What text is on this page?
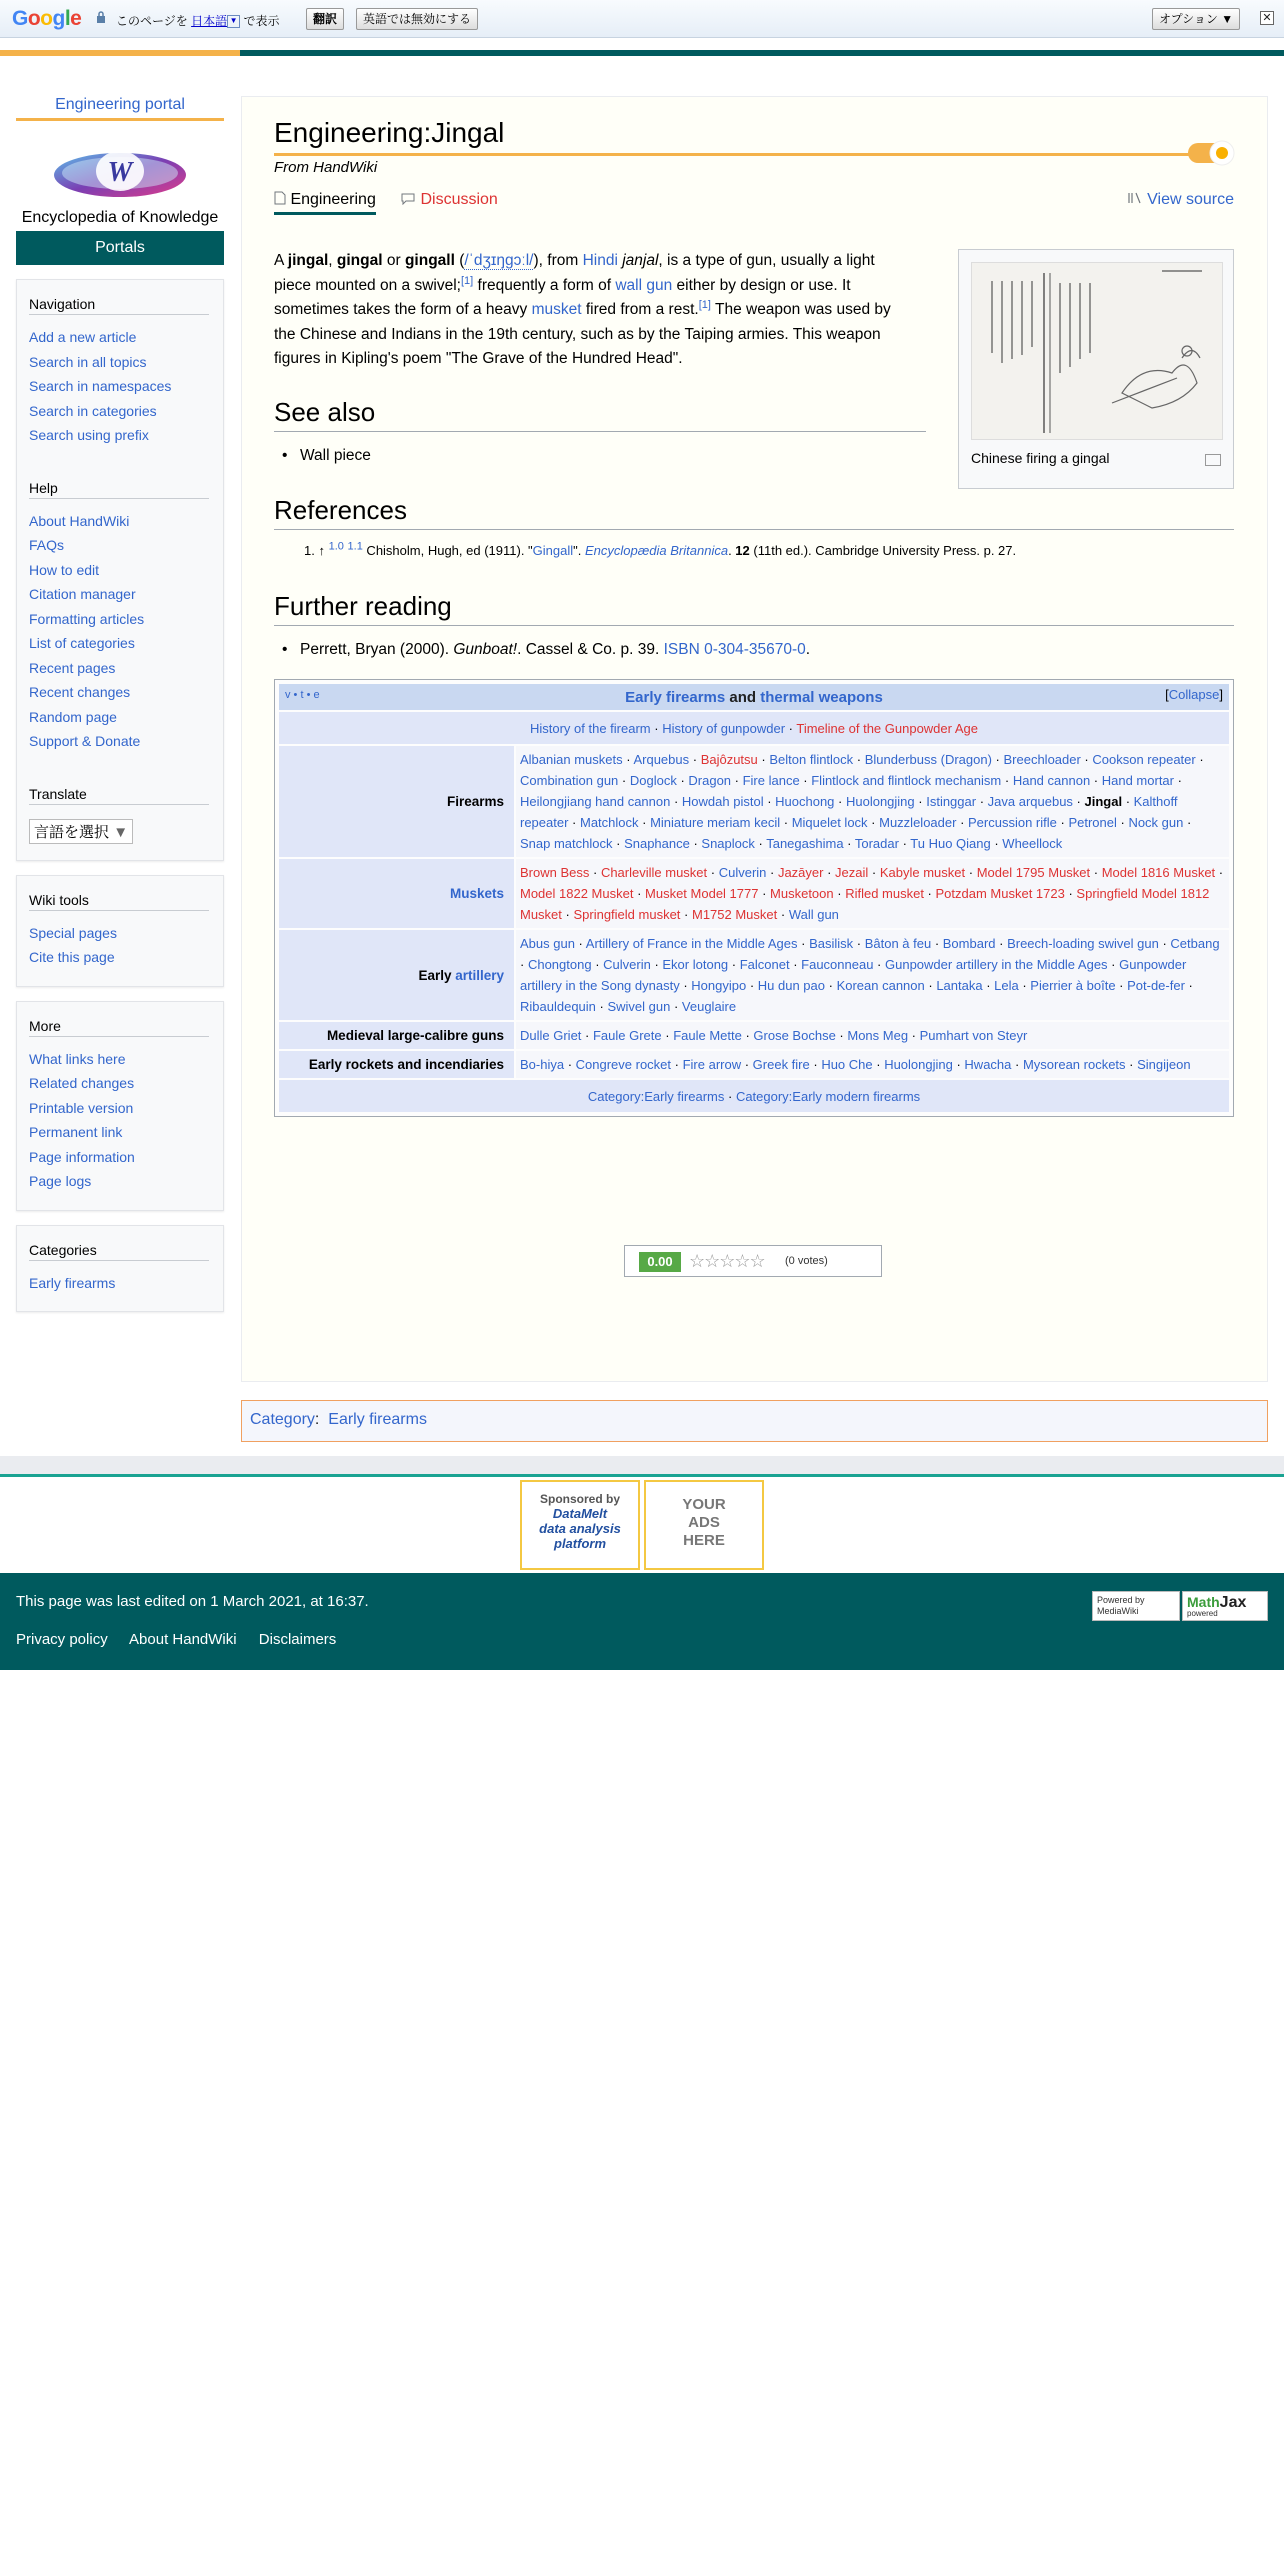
Google	このページを 日本語 ▼ で表示	翻訳	英語では無効にする	オプション ▼	✕
Engineering portal
W
Encyclopedia of Knowledge
Portals
Navigation
Add a new article
Search in all topics
Search in namespaces
Search in categories
Search using prefix
Help
About HandWiki
FAQs
How to edit
Citation manager
Formatting articles
List of categories
Recent pages
Recent changes
Random page
Support & Donate
Translate
言語を選択 ▼
Wiki tools
Special pages
Cite this page
More
What links here
Related changes
Printable version
Permanent link
Page information
Page logs
Categories
Early firearms
Engineering:Jingal
From HandWiki
Engineering	Discussion	View source
A jingal, gingal or gingall (/ˈdʒɪŋɡɔːl/), from Hindi janjal, is a type of gun, usually a light piece mounted on a swivel;[1] frequently a form of wall gun either by design or use. It sometimes takes the form of a heavy musket fired from a rest.[1] The weapon was used by the Chinese and Indians in the 19th century, such as by the Taiping armies. This weapon figures in Kipling's poem "The Grave of the Hundred Head".
Chinese firing a gingal
See also
• Wall piece
References
1. ↑ $^{1.0}$ $^{1.1}$ Chisholm, Hugh, ed (1911). "Gingall". Encyclopædia Britannica. 12 (11th ed.). Cambridge University Press. p. 27.
Further reading
• Perrett, Bryan (2000). Gunboat!. Cassel & Co. p. 39. ISBN 0-304-35670-0.
v • t • e Early firearms and thermal weapons [Collapse]	

History of the firearm · History of gunpowder · Timeline of the Gunpowder Age	
Firearms	Albanian muskets · Arquebus · Bajôzutsu · Belton flintlock · Blunderbuss (Dragon) · Breechloader · Cookson repeater · Combination gun · Doglock · Dragon · Fire lance · Flintlock and flintlock mechanism · Hand cannon · Hand mortar · Heilongjiang hand cannon · Howdah pistol · Huochong · Huolongjing · Istinggar · Java arquebus · Jingal · Kalthoff repeater · Matchlock · Miniature meriam kecil · Miquelet lock · Muzzleloader · Percussion rifle · Petronel · Nock gun · Snap matchlock · Snaphance · Snaplock · Tanegashima · Toradar · Tu Huo Qiang · Wheellock
Muskets	Brown Bess · Charleville musket · Culverin · Jazāyer · Jezail · Kabyle musket · Model 1795 Musket · Model 1816 Musket · Model 1822 Musket · Musket Model 1777 · Musketoon · Rifled musket · Potzdam Musket 1723 · Springfield Model 1812 Musket · Springfield musket · M1752 Musket · Wall gun
Early artillery	Abus gun · Artillery of France in the Middle Ages · Basilisk · Bâton à feu · Bombard · Breech-loading swivel gun · Cetbang · Chongtong · Culverin · Ekor lotong · Falconet · Fauconneau · Gunpowder artillery in the Middle Ages · Gunpowder artillery in the Song dynasty · Hongyipo · Hu dun pao · Korean cannon · Lantaka · Lela · Pierrier à boîte · Pot-de-fer · Ribauldequin · Swivel gun · Veuglaire
Medieval large-calibre guns	Dulle Griet · Faule Grete · Faule Mette · Grose Bochse · Mons Meg · Pumhart von Steyr
Early rockets and incendiaries	Bo-hiya · Congreve rocket · Fire arrow · Greek fire · Huo Che · Huolongjing · Hwacha · Mysorean rockets · Singijeon
Category:Early firearms · Category:Early modern firearms	
0.00 ☆☆☆☆☆ (0 votes)
Category: Early firearms
Sponsored by
DataMelt
data analysis
platform
YOUR
ADS
HERE
This page was last edited on 1 March 2021, at 16:37.
Privacy policy About HandWiki Disclaimers
Powered by MediaWiki
MathJax
powered
